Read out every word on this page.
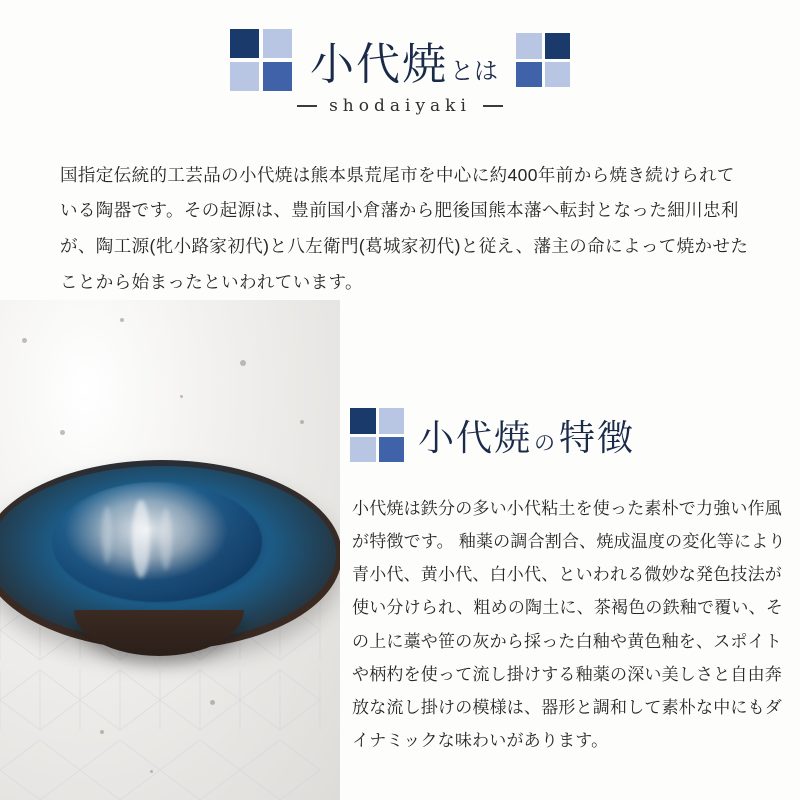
小代焼 とは
shodaiyaki

国指定伝統的工芸品の小代焼は熊本県荒尾市を中心に約400年前から焼き続けられている陶器です。その起源は、豊前国小倉藩から肥後国熊本藩へ転封となった細川忠利が、陶工源(牝小路家初代)と八左衛門(葛城家初代)と従え、藩主の命によって焼かせたことから始まったといわれています。

小代焼 の 特徴

小代焼は鉄分の多い小代粘土を使った素朴で力強い作風が特徴です。 釉薬の調合割合、焼成温度の変化等により青小代、黄小代、白小代、といわれる微妙な発色技法が使い分けられ、粗めの陶土に、茶褐色の鉄釉で覆い、その上に藁や笹の灰から採った白釉や黄色釉を、スポイトや柄杓を使って流し掛けする釉薬の深い美しさと自由奔放な流し掛けの模様は、器形と調和して素朴な中にもダイナミックな味わいがあります。
